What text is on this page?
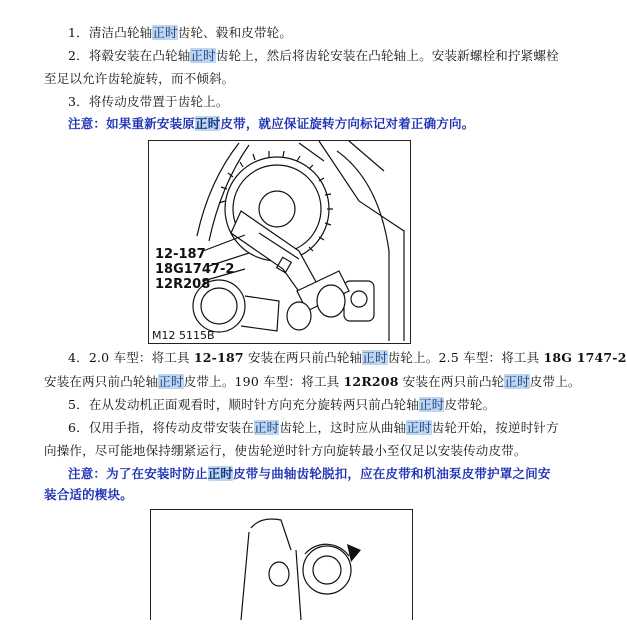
1．清洁凸轮轴正时齿轮、毂和皮带轮。
2．将毂安装在凸轮轴正时齿轮上，然后将齿轮安装在凸轮轴上。安装新螺栓和拧紧螺栓
至足以允许齿轮旋转，而不倾斜。
3．将传动皮带置于齿轮上。
注意：如果重新安装原正时皮带，就应保证旋转方向标记对着正确方向。
12-187
18G1747-2
12R208
M12 5115B
4．2.0 车型：将工具 12-187 安装在两只前凸轮轴正时齿轮上。2.5 车型：将工具 18G 1747-2
安装在两只前凸轮轴正时皮带上。190 车型：将工具 12R208 安装在两只前凸轮正时皮带上。
5．在从发动机正面观看时，顺时针方向充分旋转两只前凸轮轴正时皮带轮。
6．仅用手指，将传动皮带安装在正时齿轮上，这时应从曲轴正时齿轮开始，按逆时针方
向操作，尽可能地保持绷紧运行，使齿轮逆时针方向旋转最小至仅足以安装传动皮带。
注意：为了在安装时防止正时皮带与曲轴齿轮脱扣，应在皮带和机油泵皮带护罩之间安
装合适的楔块。
